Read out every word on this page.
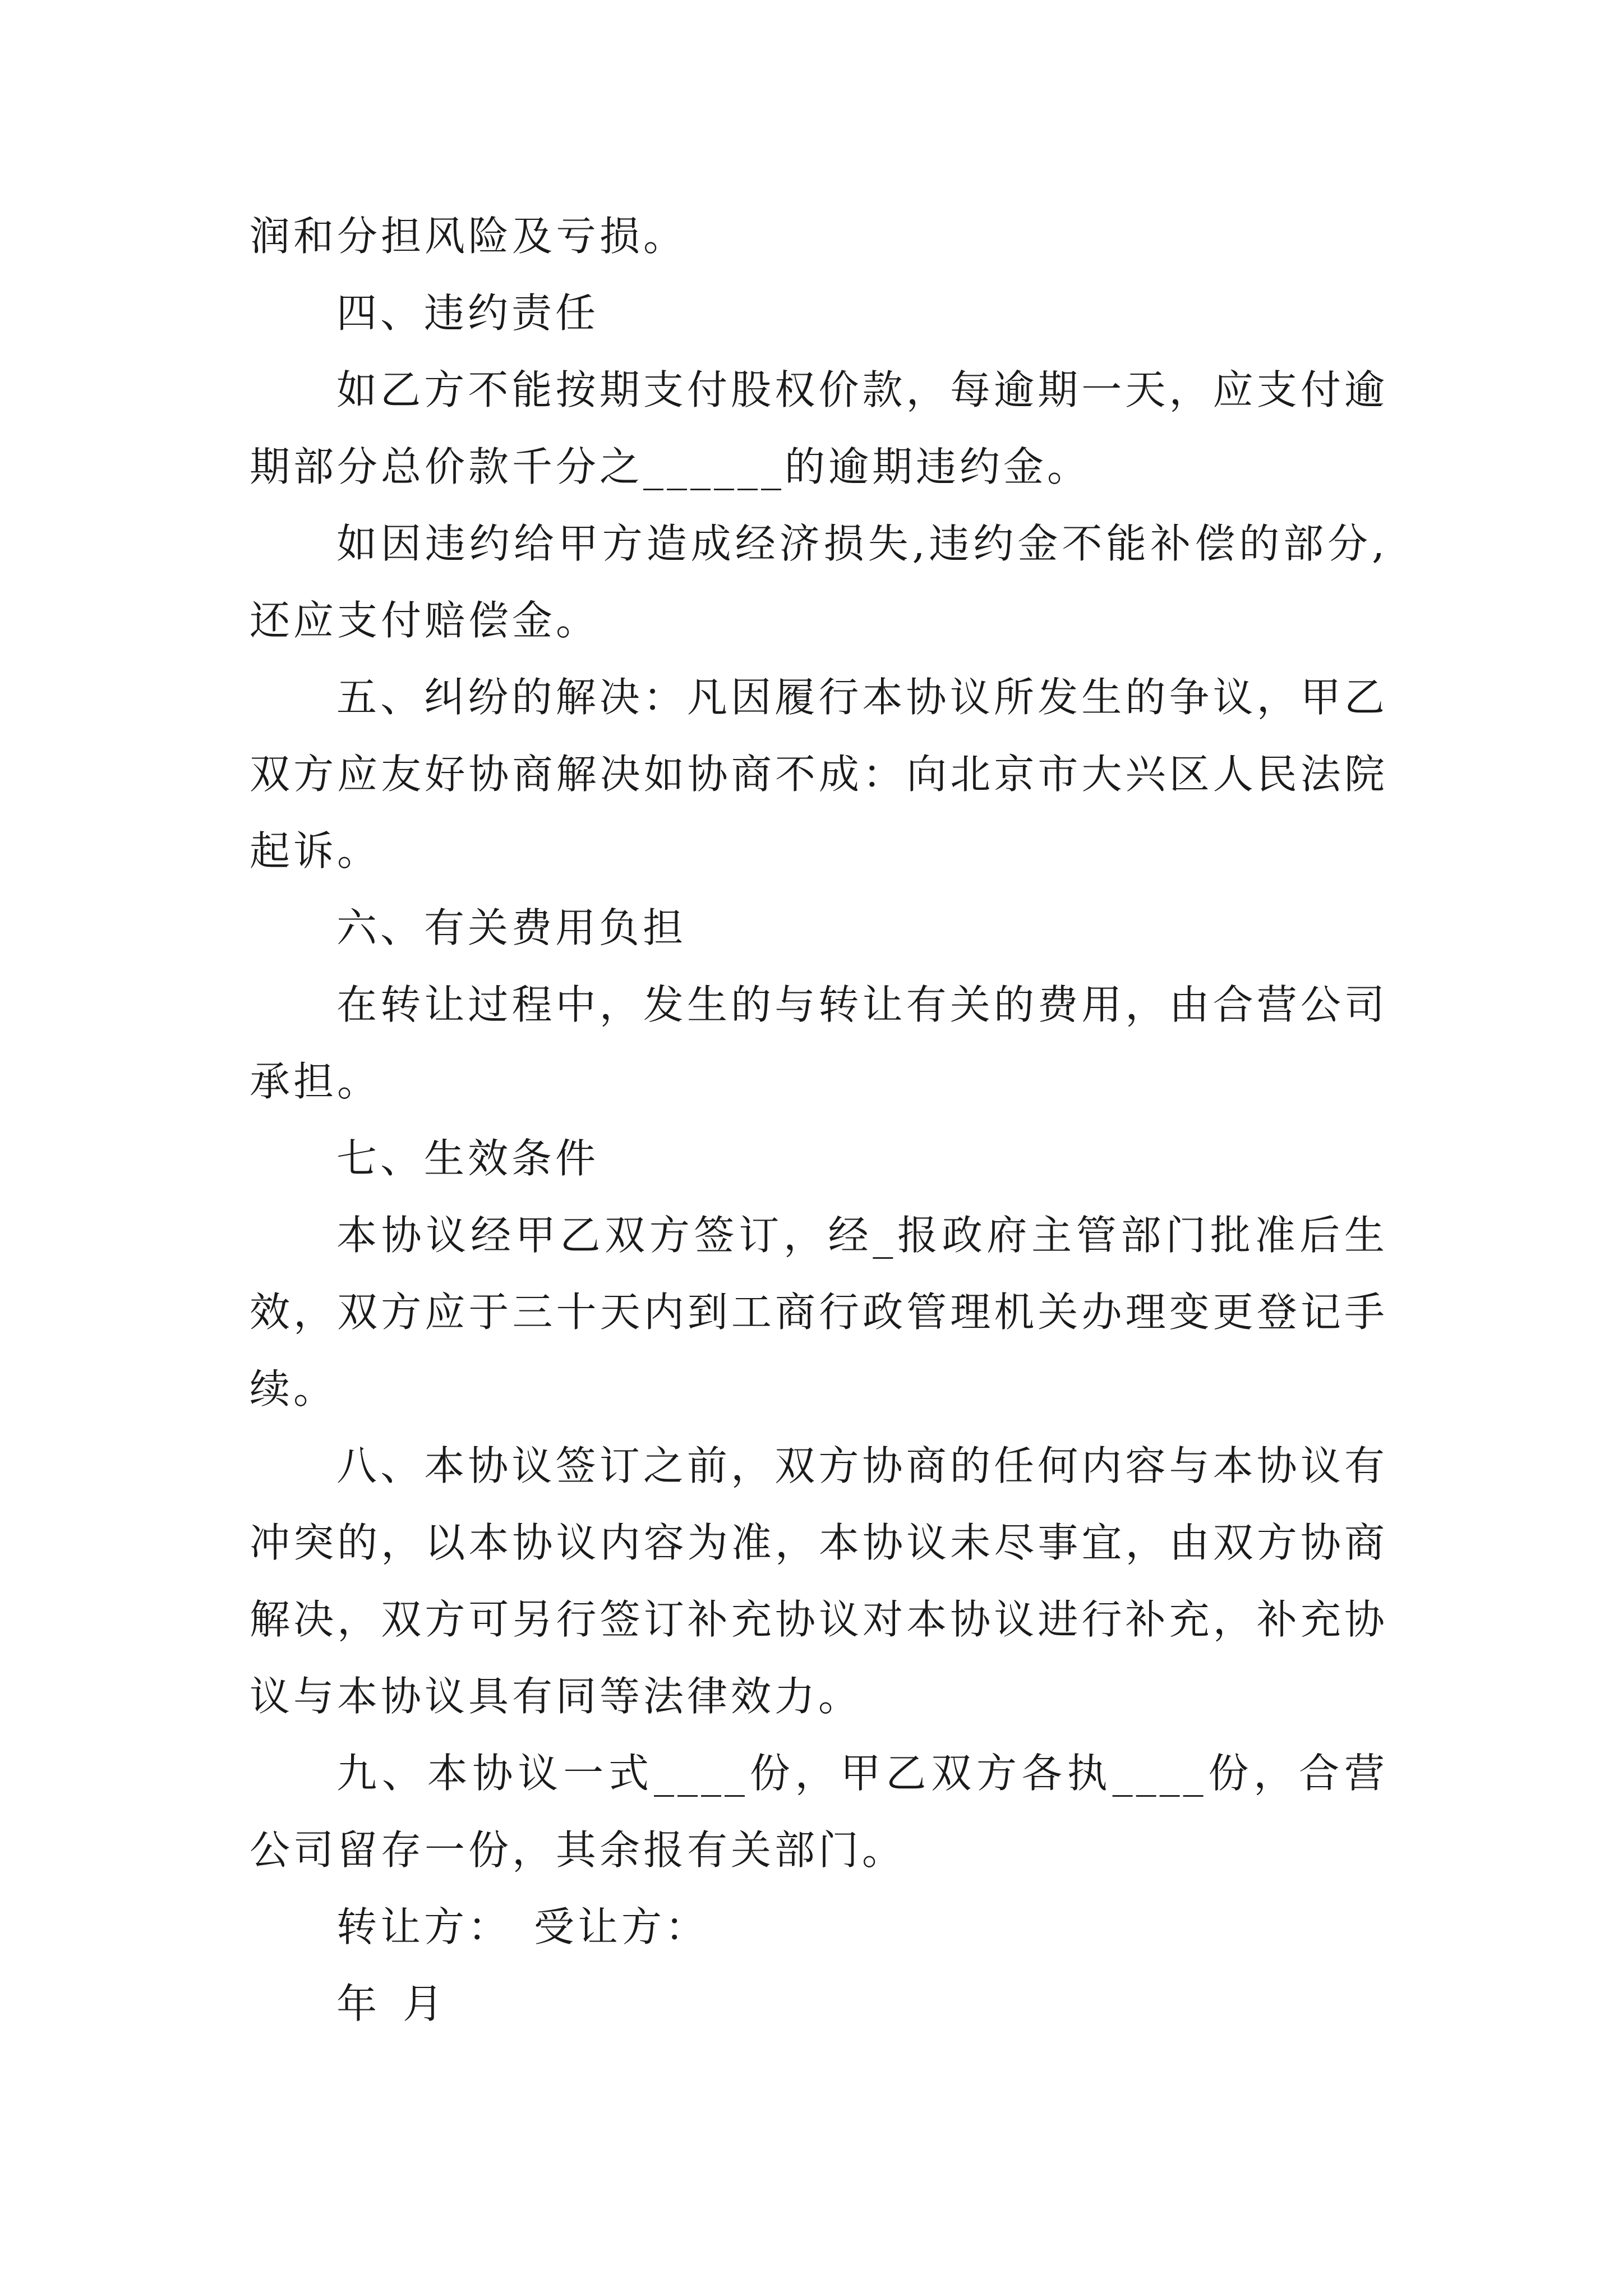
润和分担风险及亏损。

四、违约责任

如乙方不能按期支付股权价款，每逾期一天，应支付逾期部分总价款千分之______的逾期违约金。

如因违约给甲方造成经济损失,违约金不能补偿的部分,还应支付赔偿金。

五、纠纷的解决：凡因履行本协议所发生的争议，甲乙双方应友好协商解决如协商不成：向北京市大兴区人民法院起诉。

六、有关费用负担

在转让过程中，发生的与转让有关的费用，由合营公司承担。

七、生效条件

本协议经甲乙双方签订，经_报政府主管部门批准后生效，双方应于三十天内到工商行政管理机关办理变更登记手续。

八、本协议签订之前，双方协商的任何内容与本协议有冲突的，以本协议内容为准，本协议未尽事宜，由双方协商解决，双方可另行签订补充协议对本协议进行补充，补充协议与本协议具有同等法律效力。

九、本协议一式____份，甲乙双方各执____份，合营公司留存一份，其余报有关部门。

转让方： 受让方：

年 月
